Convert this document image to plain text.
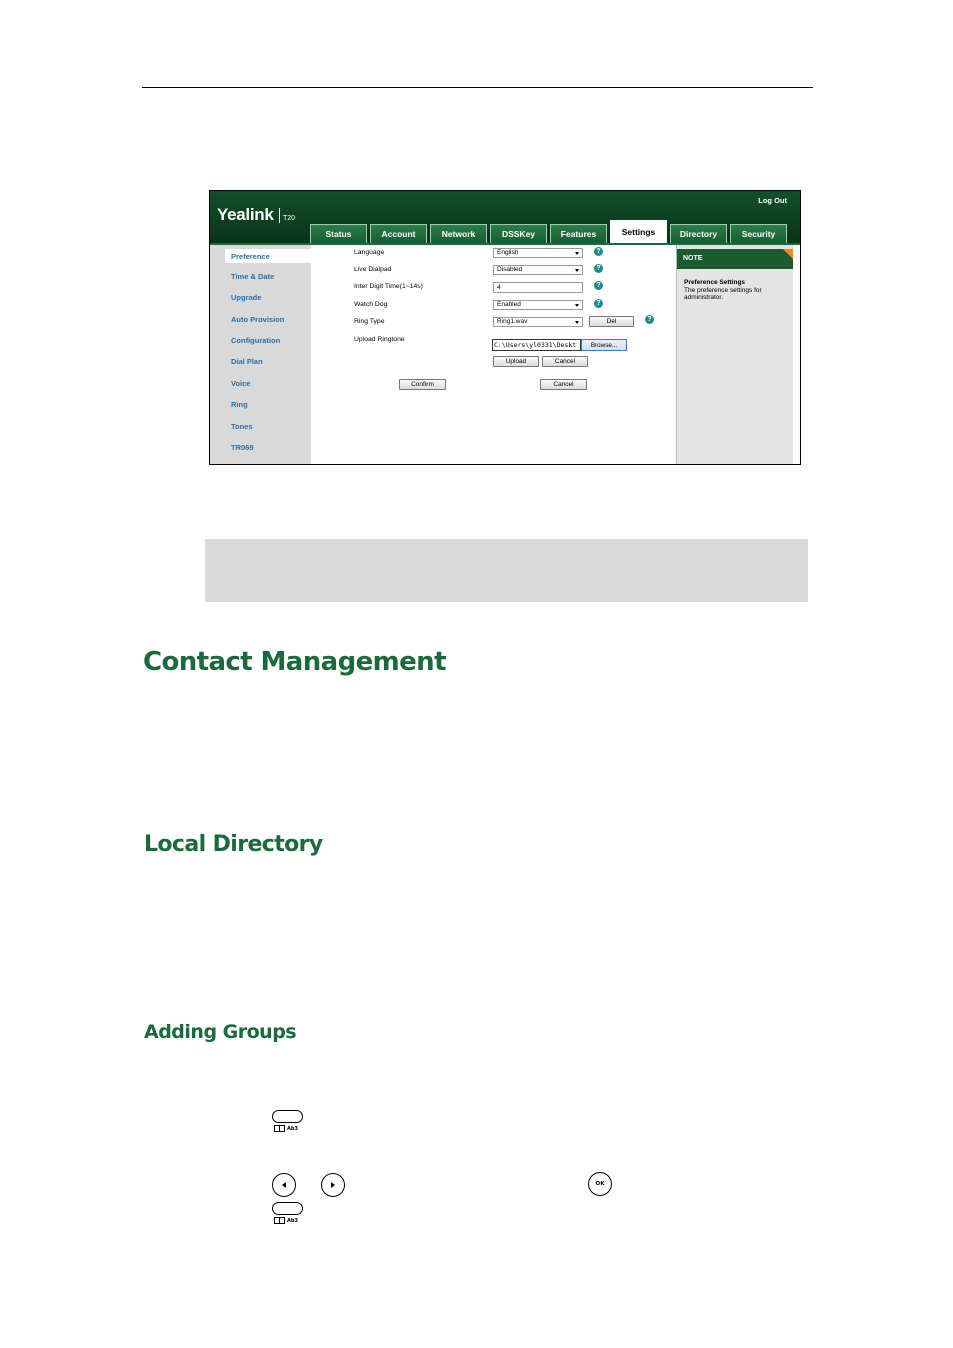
Yealink T20
Log Out
Status	Account	Network	DSSKey	Features	Settings	Directory	Security
Preference
Time & Date
Upgrade
Auto Provision
Configuration
Dial Plan
Voice
Ring
Tones
TR069
Language	English	?
Live Dialpad	Disabled	?
Inter Digit Time(1~14s)	4	?
Watch Dog	Enabled	?
Ring Type	Ring1.wav	Del	?
Upload Ringtone
C:\Users\yl0331\Deskt	Browse...
Upload	Cancel
Confirm	Cancel
NOTE
Preference Settings
The preference settings for administrator.
Contact Management
Local Directory
Adding Groups
Ab3
OK
Ab3
